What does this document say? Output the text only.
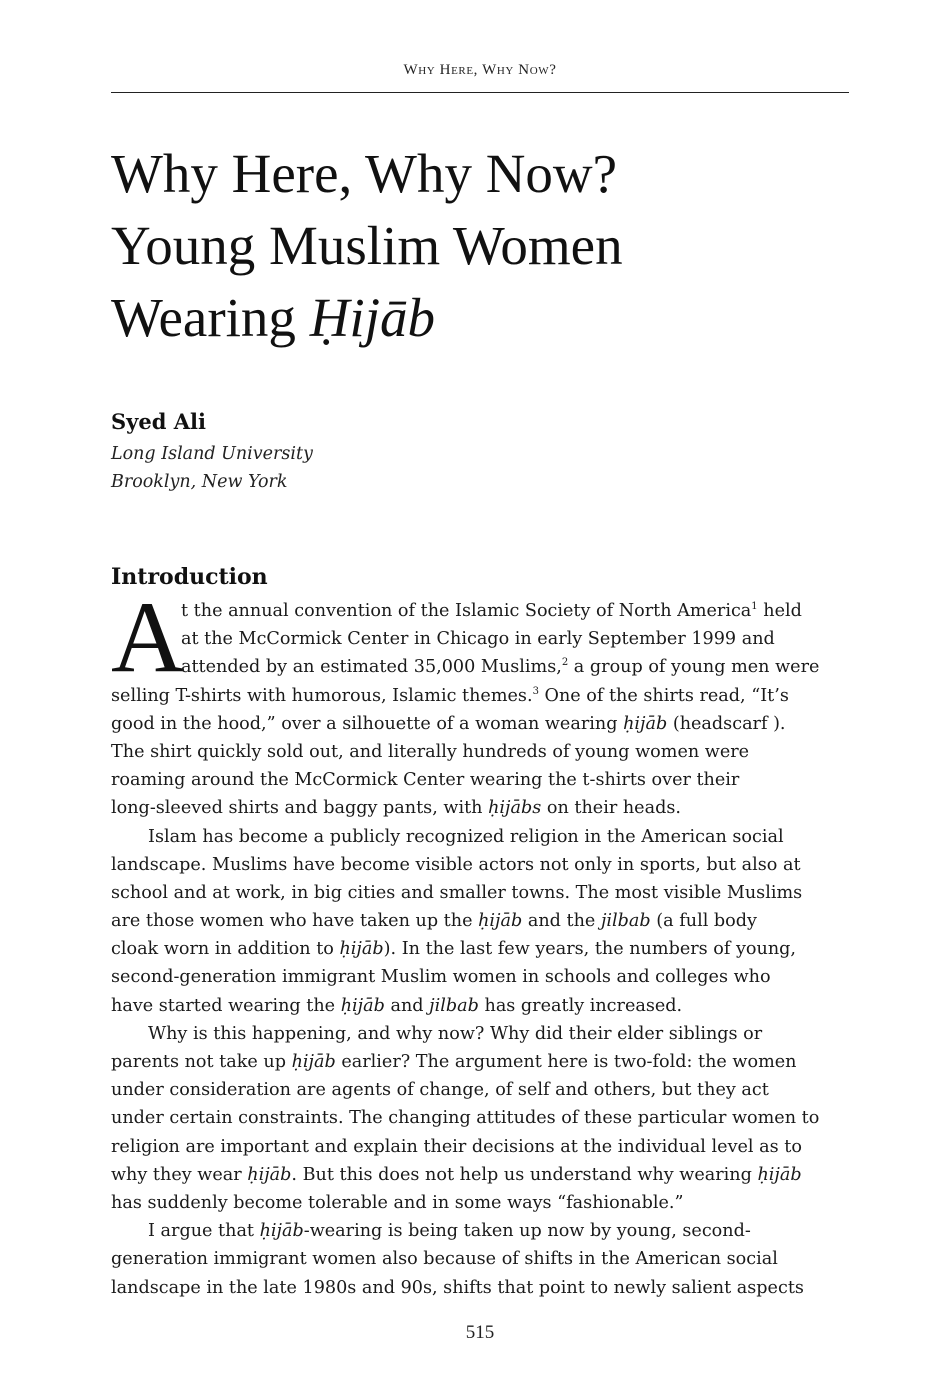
Why Here, Why Now?
Why Here, Why Now?
Young Muslim Women
Wearing Ḥijāb
Syed Ali
Long Island University
Brooklyn, New York
Introduction
A
t the annual convention of the Islamic Society of North America$^1$ held
at the McCormick Center in Chicago in early September 1999 and
attended by an estimated 35,000 Muslims,$^2$ a group of young men were
selling T-shirts with humorous, Islamic themes.$^3$ One of the shirts read, “It’s
good in the hood,” over a silhouette of a woman wearing ḥijāb (headscarf ).
The shirt quickly sold out, and literally hundreds of young women were
roaming around the McCormick Center wearing the t-shirts over their
long-sleeved shirts and baggy pants, with ḥijābs on their heads.
Islam has become a publicly recognized religion in the American social
landscape. Muslims have become visible actors not only in sports, but also at
school and at work, in big cities and smaller towns. The most visible Muslims
are those women who have taken up the ḥijāb and the jilbab (a full body
cloak worn in addition to ḥijāb). In the last few years, the numbers of young,
second-generation immigrant Muslim women in schools and colleges who
have started wearing the ḥijāb and jilbab has greatly increased.
Why is this happening, and why now? Why did their elder siblings or
parents not take up ḥijāb earlier? The argument here is two-fold: the women
under consideration are agents of change, of self and others, but they act
under certain constraints. The changing attitudes of these particular women to
religion are important and explain their decisions at the individual level as to
why they wear ḥijāb. But this does not help us understand why wearing ḥijāb
has suddenly become tolerable and in some ways “fashionable.”
I argue that ḥijāb-wearing is being taken up now by young, second-
generation immigrant women also because of shifts in the American social
landscape in the late 1980s and 90s, shifts that point to newly salient aspects
515
